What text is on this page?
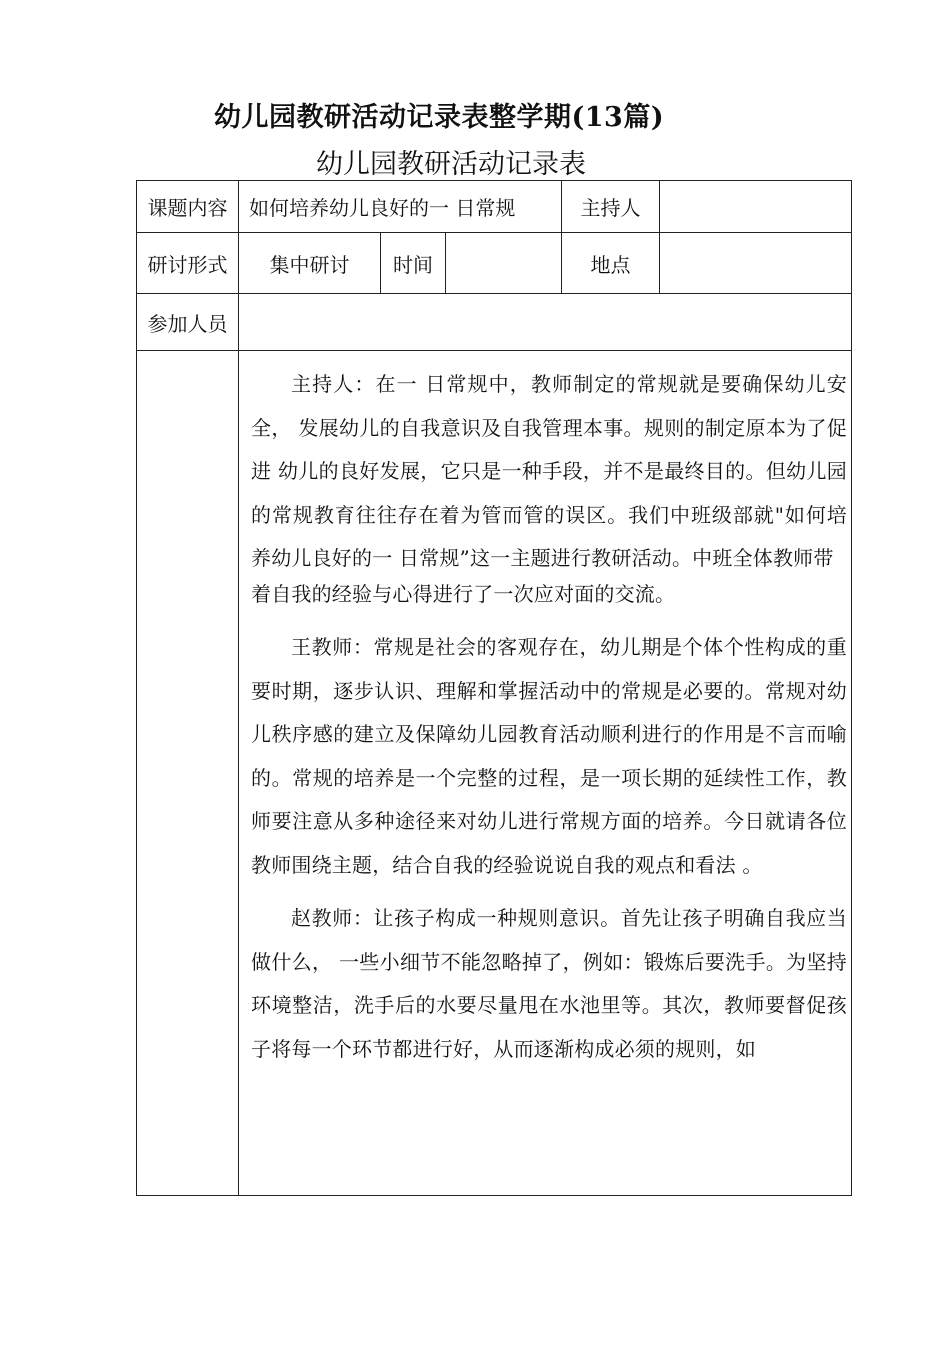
幼儿园教研活动记录表整学期(13篇)
幼儿园教研活动记录表
课题内容	如何培养幼儿良好的一 日常规			主持人	
研讨形式	集中研讨	时间		地点	
参加人员					

	主持人：在一 日常规中，教师制定的常规就是要确保幼儿安全， 发展幼儿的自我意识及自我管理本事。规则的制定原本为了促进 幼儿的良好发展，它只是一种手段，并不是最终目的。但幼儿园 的常规教育往往存在着为管而管的误区。我们中班级部就"如何培 养幼儿良好的一 日常规”这一主题进行教研活动。中班全体教师带

着自我的经验与心得进行了一次应对面的交流。

王教师：常规是社会的客观存在，幼儿期是个体个性构成的重要时期，逐步认识、理解和掌握活动中的常规是必要的。常规对幼儿秩序感的建立及保障幼儿园教育活动顺利进行的作用是不言而喻的。常规的培养是一个完整的过程，是一项长期的延续性工作，教师要注意从多种途径来对幼儿进行常规方面的培养。今日就请各位教师围绕主题，结合自我的经验说说自我的观点和看法 。

赵教师：让孩子构成一种规则意识。首先让孩子明确自我应当做什么， 一些小细节不能忽略掉了，例如：锻炼后要洗手。为坚持环境整洁，洗手后的水要尽量甩在水池里等。其次，教师要督促孩子将每一个环节都进行好，从而逐渐构成必须的规则，如				
